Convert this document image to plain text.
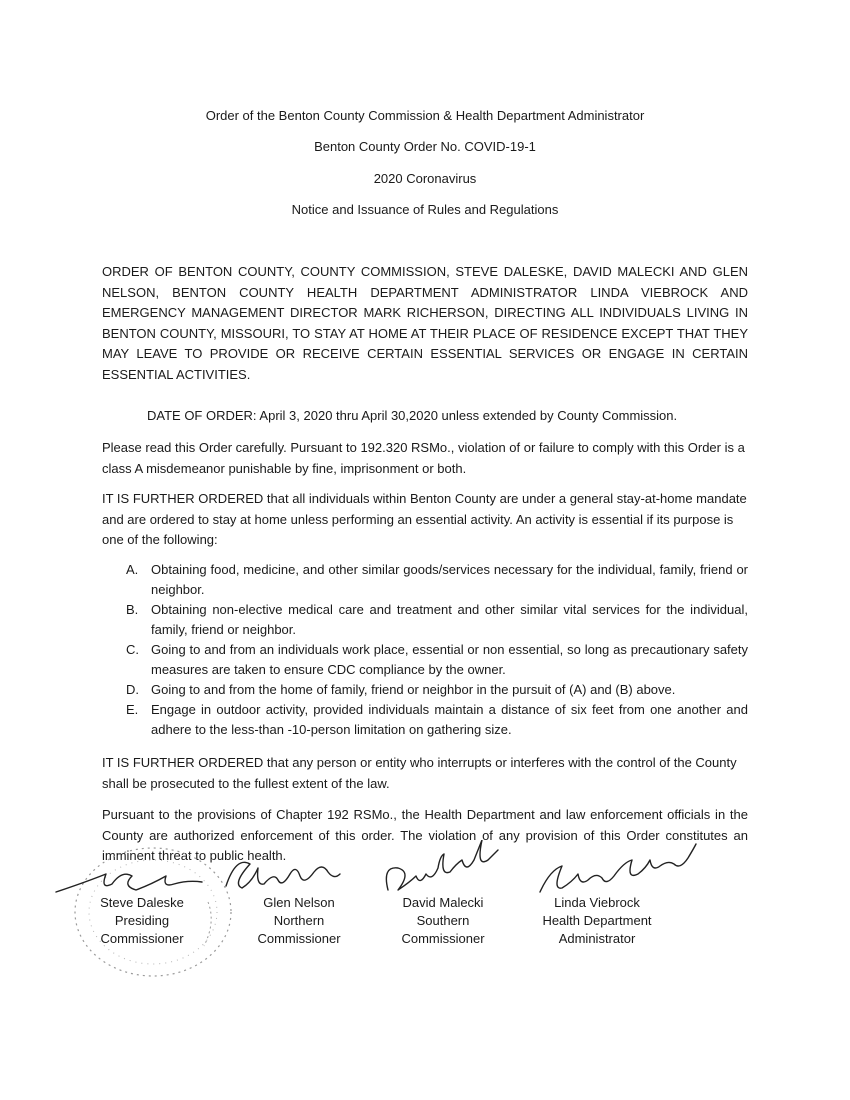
Order of the Benton County Commission & Health Department Administrator
Benton County Order No. COVID-19-1
2020 Coronavirus
Notice and Issuance of Rules and Regulations

ORDER OF BENTON COUNTY, COUNTY COMMISSION, STEVE DALESKE, DAVID MALECKI AND GLEN NELSON, BENTON COUNTY HEALTH DEPARTMENT ADMINISTRATOR LINDA VIEBROCK AND EMERGENCY MANAGEMENT DIRECTOR MARK RICHERSON, DIRECTING ALL INDIVIDUALS LIVING IN BENTON COUNTY, MISSOURI, TO STAY AT HOME AT THEIR PLACE OF RESIDENCE EXCEPT THAT THEY MAY LEAVE TO PROVIDE OR RECEIVE CERTAIN ESSENTIAL SERVICES OR ENGAGE IN CERTAIN ESSENTIAL ACTIVITIES.

DATE OF ORDER: April 3, 2020 thru April 30,2020 unless extended by County Commission.

Please read this Order carefully. Pursuant to 192.320 RSMo., violation of or failure to comply with this Order is a class A misdemeanor punishable by fine, imprisonment or both.

IT IS FURTHER ORDERED that all individuals within Benton County are under a general stay-at-home mandate and are ordered to stay at home unless performing an essential activity. An activity is essential if its purpose is one of the following:

A. Obtaining food, medicine, and other similar goods/services necessary for the individual, family, friend or neighbor.
B. Obtaining non-elective medical care and treatment and other similar vital services for the individual, family, friend or neighbor.
C. Going to and from an individuals work place, essential or non essential, so long as precautionary safety measures are taken to ensure CDC compliance by the owner.
D. Going to and from the home of family, friend or neighbor in the pursuit of (A) and (B) above.
E. Engage in outdoor activity, provided individuals maintain a distance of six feet from one another and adhere to the less-than -10-person limitation on gathering size.

IT IS FURTHER ORDERED that any person or entity who interrupts or interferes with the control of the County shall be prosecuted to the fullest extent of the law.

Pursuant to the provisions of Chapter 192 RSMo., the Health Department and law enforcement officials in the County are authorized enforcement of this order. The violation of any provision of this Order constitutes an imminent threat to public health.

Steve Daleske
Presiding
Commissioner
Glen Nelson
Northern
Commissioner
David Malecki
Southern
Commissioner
Linda Viebrock
Health Department
Administrator
